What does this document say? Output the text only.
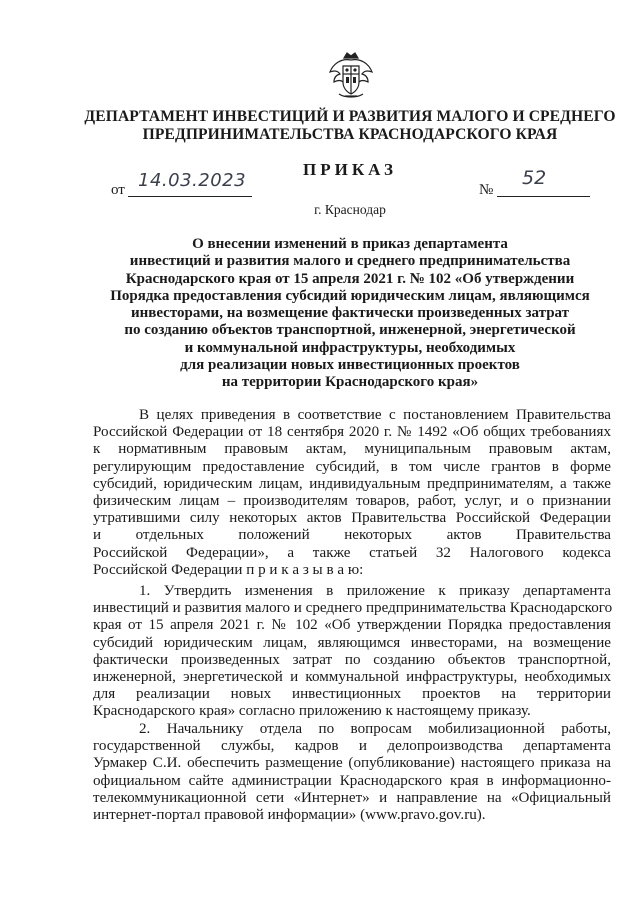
ДЕПАРТАМЕНТ ИНВЕСТИЦИЙ И РАЗВИТИЯ МАЛОГО И СРЕДНЕГО
ПРЕДПРИНИМАТЕЛЬСТВА КРАСНОДАРСКОГО КРАЯ
ПРИКАЗ
от 14.03.2023	№
52
г. Краснодар
О внесении изменений в приказ департамента
инвестиций и развития малого и среднего предпринимательства
Краснодарского края от 15 апреля 2021 г. № 102 «Об утверждении
Порядка предоставления субсидий юридическим лицам, являющимся
инвесторами, на возмещение фактически произведенных затрат
по созданию объектов транспортной, инженерной, энергетической
и коммунальной инфраструктуры, необходимых
для реализации новых инвестиционных проектов
на территории Краснодарского края»
В целях приведения в соответствие с постановлением Правительства
Российской Федерации от 18 сентября 2020 г. № 1492 «Об общих требованиях
к нормативным правовым актам, муниципальным правовым актам,
регулирующим предоставление субсидий, в том числе грантов в форме
субсидий, юридическим лицам, индивидуальным предпринимателям, а также
физическим лицам – производителям товаров, работ, услуг, и о признании
утратившими силу некоторых актов Правительства Российской Федерации
и отдельных положений некоторых актов Правительства
Российской Федерации», а также статьей 32 Налогового кодекса
Российской Федерации п р и к а з ы в а ю:
1. Утвердить изменения в приложение к приказу департамента
инвестиций и развития малого и среднего предпринимательства Краснодарского
края от 15 апреля 2021 г. № 102 «Об утверждении Порядка предоставления
субсидий юридическим лицам, являющимся инвесторами, на возмещение
фактически произведенных затрат по созданию объектов транспортной,
инженерной, энергетической и коммунальной инфраструктуры, необходимых
для реализации новых инвестиционных проектов на территории
Краснодарского края» согласно приложению к настоящему приказу.
2. Начальнику отдела по вопросам мобилизационной работы,
государственной службы, кадров и делопроизводства департамента
Урмакер С.И. обеспечить размещение (опубликование) настоящего приказа на
официальном сайте администрации Краснодарского края в информационно-
телекоммуникационной сети «Интернет» и направление на «Официальный
интернет-портал правовой информации» (www.pravo.gov.ru).
